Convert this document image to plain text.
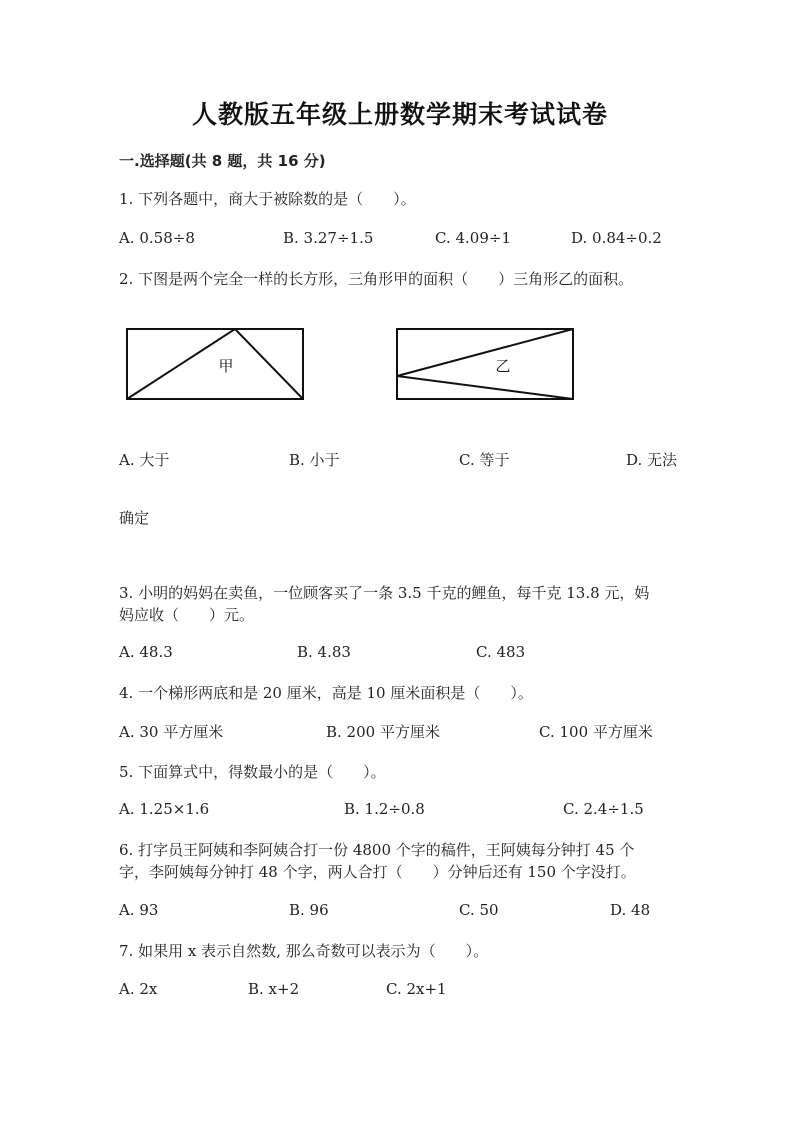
人教版五年级上册数学期末考试试卷
一.选择题(共 8 题，共 16 分)
1. 下列各题中，商大于被除数的是（　　）。
A. 0.58÷8	B. 3.27÷1.5	C. 4.09÷1	D. 0.84÷0.2
2. 下图是两个完全一样的长方形，三角形甲的面积（　　）三角形乙的面积。
甲	乙
A. 大于	B. 小于	C. 等于	D. 无法
确定
3. 小明的妈妈在卖鱼，一位顾客买了一条 3.5 千克的鲤鱼，每千克 13.8 元，妈
妈应收（　　）元。
A. 48.3	B. 4.83	C. 483
4. 一个梯形两底和是 20 厘米，高是 10 厘米面积是（　　）。
A. 30 平方厘米	B. 200 平方厘米	C. 100 平方厘米
5. 下面算式中，得数最小的是（　　）。
A. 1.25×1.6	B. 1.2÷0.8	C. 2.4÷1.5
6. 打字员王阿姨和李阿姨合打一份 4800 个字的稿件，王阿姨每分钟打 45 个
字，李阿姨每分钟打 48 个字，两人合打（　　）分钟后还有 150 个字没打。
A. 93	B. 96	C. 50	D. 48
7. 如果用 x 表示自然数, 那么奇数可以表示为（　　）。
A. 2x	B. x+2	C. 2x+1
